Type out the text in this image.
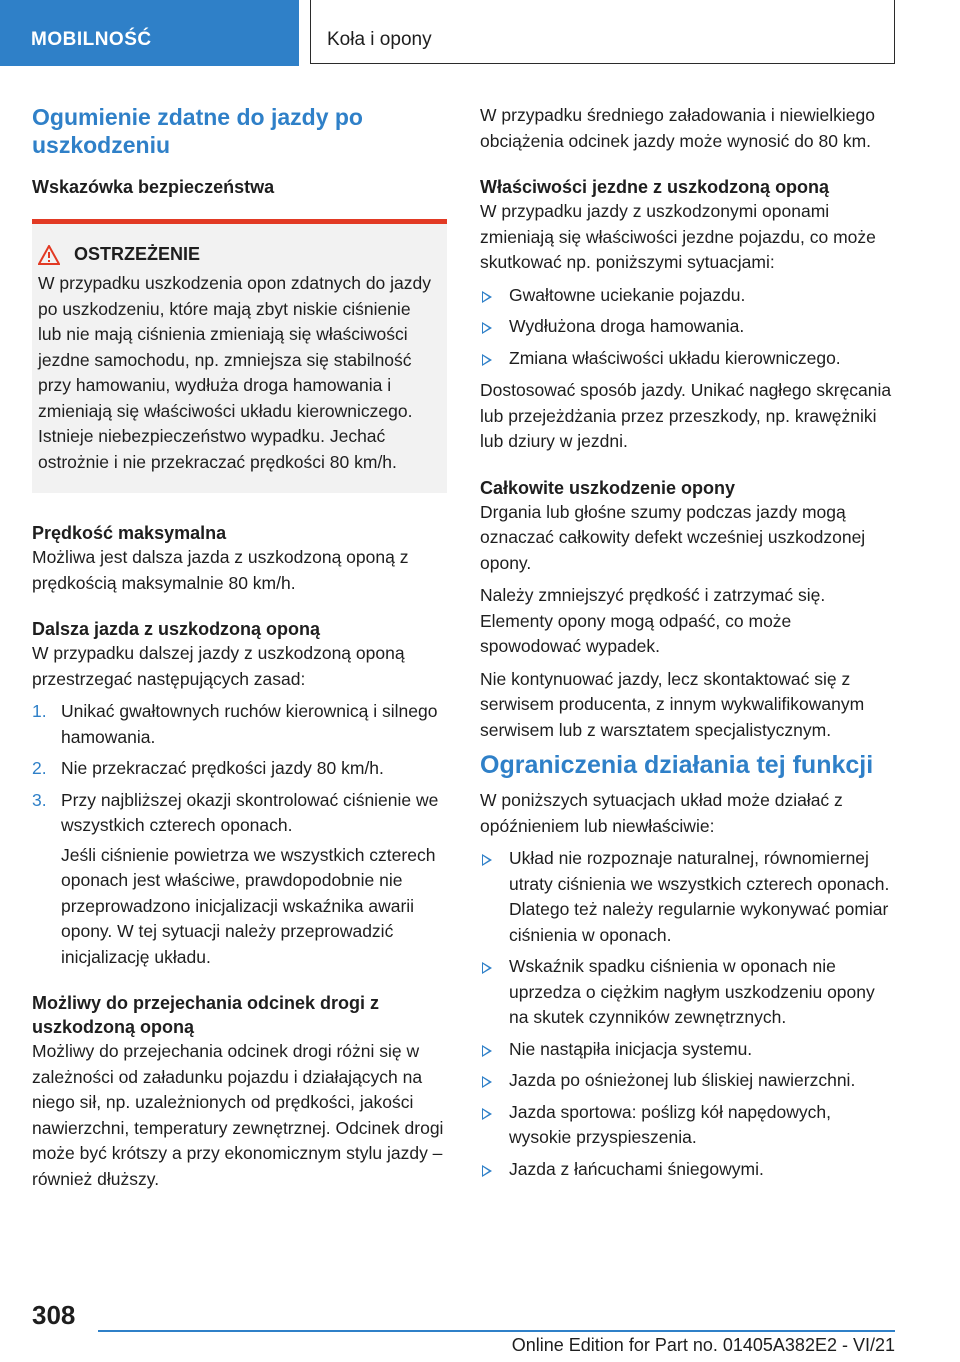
MOBILNOŚĆ	Koła i opony
Ogumienie zdatne do jazdy po uszkodzeniu
Wskazówka bezpieczeństwa
OSTRZEŻENIE

W przypadku uszkodzenia opon zdatnych do jazdy po uszkodzeniu, które mają zbyt niskie ciśnienie lub nie mają ciśnienia zmieniają się właściwości jezdne samochodu, np. zmniejsza się stabilność przy hamowaniu, wydłuża droga hamowania i zmieniają się właściwości układu kierowniczego. Istnieje niebezpieczeństwo wypadku. Jechać ostrożnie i nie przekraczać prędkości 80 km/h.

Prędkość maksymalna

Możliwa jest dalsza jazda z uszkodzoną oponą z prędkością maksymalnie 80 km/h.

Dalsza jazda z uszkodzoną oponą

W przypadku dalszej jazdy z uszkodzoną oponą przestrzegać następujących zasad:

1. Unikać gwałtownych ruchów kierownicą i silnego hamowania.
2. Nie przekraczać prędkości jazdy 80 km/h.
3. Przy najbliższej okazji skontrolować ciśnienie we wszystkich czterech oponach.

Jeśli ciśnienie powietrza we wszystkich czterech oponach jest właściwe, prawdopodobnie nie przeprowadzono inicjalizacji wskaźnika awarii opony. W tej sytuacji należy przeprowadzić inicjalizację układu.

Możliwy do przejechania odcinek drogi z uszkodzoną oponą

Możliwy do przejechania odcinek drogi różni się w zależności od załadunku pojazdu i działających na niego sił, np. uzależnionych od prędkości, jakości nawierzchni, temperatury zewnętrznej. Odcinek drogi może być krótszy a przy ekonomicznym stylu jazdy – również dłuższy.

W przypadku średniego załadowania i niewielkiego obciążenia odcinek jazdy może wynosić do 80 km.

Właściwości jezdne z uszkodzoną oponą

W przypadku jazdy z uszkodzonymi oponami zmieniają się właściwości jezdne pojazdu, co może skutkować np. poniższymi sytuacjami:

Gwałtowne uciekanie pojazdu.
Wydłużona droga hamowania.
Zmiana właściwości układu kierowniczego.

Dostosować sposób jazdy. Unikać nagłego skręcania lub przejeżdżania przez przeszkody, np. krawężniki lub dziury w jezdni.

Całkowite uszkodzenie opony

Drgania lub głośne szumy podczas jazdy mogą oznaczać całkowity defekt wcześniej uszkodzonej opony.

Należy zmniejszyć prędkość i zatrzymać się. Elementy opony mogą odpaść, co może spowodować wypadek.

Nie kontynuować jazdy, lecz skontaktować się z serwisem producenta, z innym wykwalifikowanym serwisem lub z warsztatem specjalistycznym.

Ograniczenia działania tej funkcji

W poniższych sytuacjach układ może działać z opóźnieniem lub niewłaściwie:

Układ nie rozpoznaje naturalnej, równomiernej utraty ciśnienia we wszystkich czterech oponach. Dlatego też należy regularnie wykonywać pomiar ciśnienia w oponach.
Wskaźnik spadku ciśnienia w oponach nie uprzedza o ciężkim nagłym uszkodzeniu opony na skutek czynników zewnętrznych.
Nie nastąpiła inicjacja systemu.
Jazda po ośnieżonej lub śliskiej nawierzchni.
Jazda sportowa: poślizg kół napędowych, wysokie przyspieszenia.
Jazda z łańcuchami śniegowymi.
308
Online Edition for Part no. 01405A382E2 - VI/21
